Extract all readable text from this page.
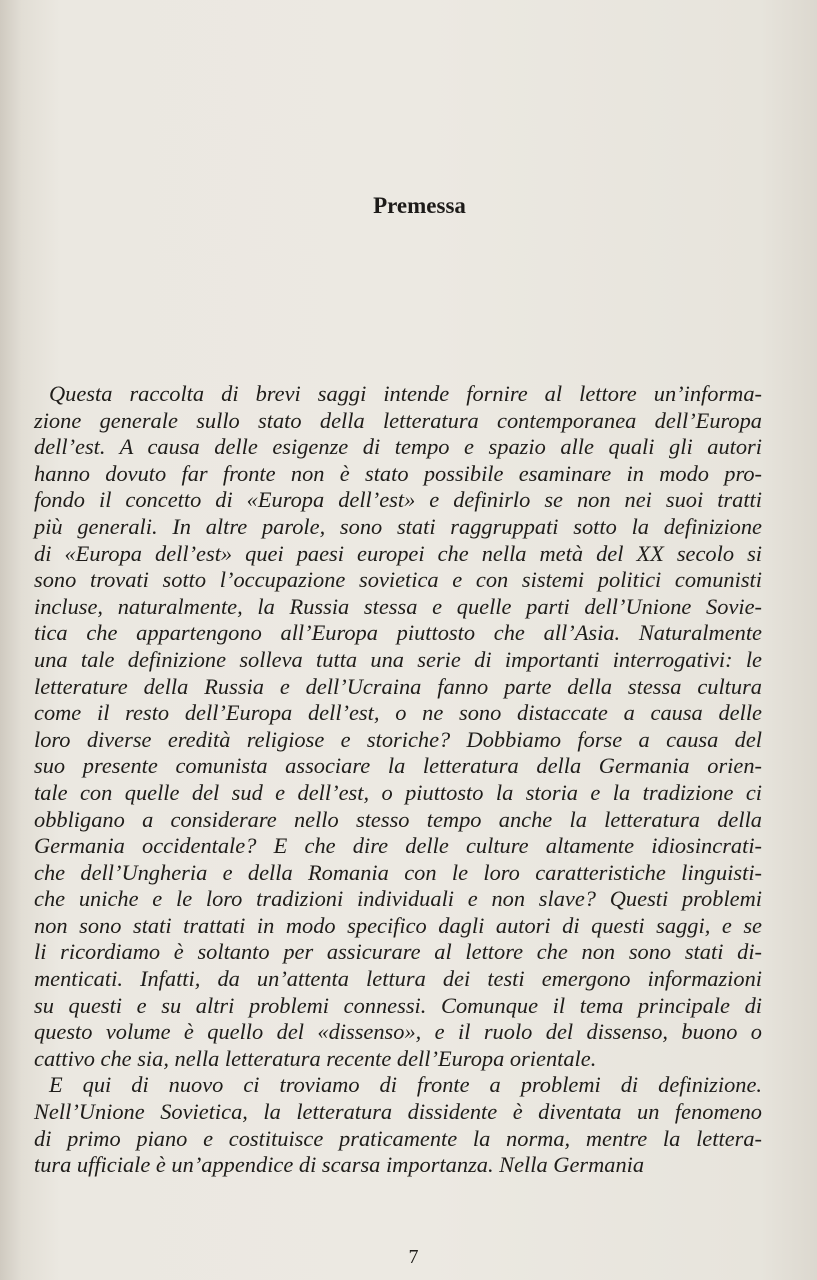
Premessa
Questa raccolta di brevi saggi intende fornire al lettore un’informa-
zione generale sullo stato della letteratura contemporanea dell’Europa
dell’est. A causa delle esigenze di tempo e spazio alle quali gli autori
hanno dovuto far fronte non è stato possibile esaminare in modo pro-
fondo il concetto di «Europa dell’est» e definirlo se non nei suoi tratti
più generali. In altre parole, sono stati raggruppati sotto la definizione
di «Europa dell’est» quei paesi europei che nella metà del XX secolo si
sono trovati sotto l’occupazione sovietica e con sistemi politici comunisti
incluse, naturalmente, la Russia stessa e quelle parti dell’Unione Sovie-
tica che appartengono all’Europa piuttosto che all’Asia. Naturalmente
una tale definizione solleva tutta una serie di importanti interrogativi: le
letterature della Russia e dell’Ucraina fanno parte della stessa cultura
come il resto dell’Europa dell’est, o ne sono distaccate a causa delle
loro diverse eredità religiose e storiche? Dobbiamo forse a causa del
suo presente comunista associare la letteratura della Germania orien-
tale con quelle del sud e dell’est, o piuttosto la storia e la tradizione ci
obbligano a considerare nello stesso tempo anche la letteratura della
Germania occidentale? E che dire delle culture altamente idiosincrati-
che dell’Ungheria e della Romania con le loro caratteristiche linguisti-
che uniche e le loro tradizioni individuali e non slave? Questi problemi
non sono stati trattati in modo specifico dagli autori di questi saggi, e se
li ricordiamo è soltanto per assicurare al lettore che non sono stati di-
menticati. Infatti, da un’attenta lettura dei testi emergono informazioni
su questi e su altri problemi connessi. Comunque il tema principale di
questo volume è quello del «dissenso», e il ruolo del dissenso, buono o
cattivo che sia, nella letteratura recente dell’Europa orientale.
E qui di nuovo ci troviamo di fronte a problemi di definizione.
Nell’Unione Sovietica, la letteratura dissidente è diventata un fenomeno
di primo piano e costituisce praticamente la norma, mentre la lettera-
tura ufficiale è un’appendice di scarsa importanza. Nella Germania
7
